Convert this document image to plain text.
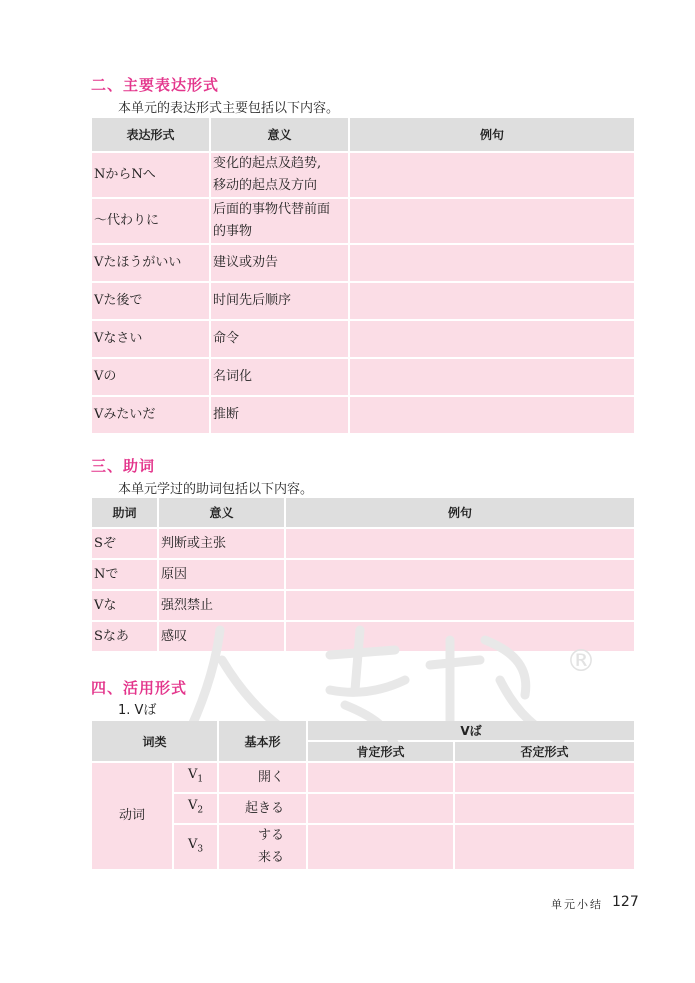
二、主要表达形式
本单元的表达形式主要包括以下内容。
表达形式	意义	例句
NからNへ	变化的起点及趋势,
移动的起点及方向	

～代わりに	后面的事物代替前面
的事物	

Vたほうがいい	建议或劝告	
Vた後で	时间先后顺序	
Vなさい	命令	
Vの	名词化	
Vみたいだ	推断	
三、助词
本单元学过的助词包括以下内容。
助词	意义	例句
Sぞ	判断或主张	
Nで	原因	
Vな	强烈禁止	
Sなあ	感叹	
®
四、活用形式
1. Vば
词类		基本形	Vば	
			肯定形式	否定形式
动词	$V_1$	開く		
	$V_2$	起きる		
	$V_3$	する
来る		

单元小结 127
